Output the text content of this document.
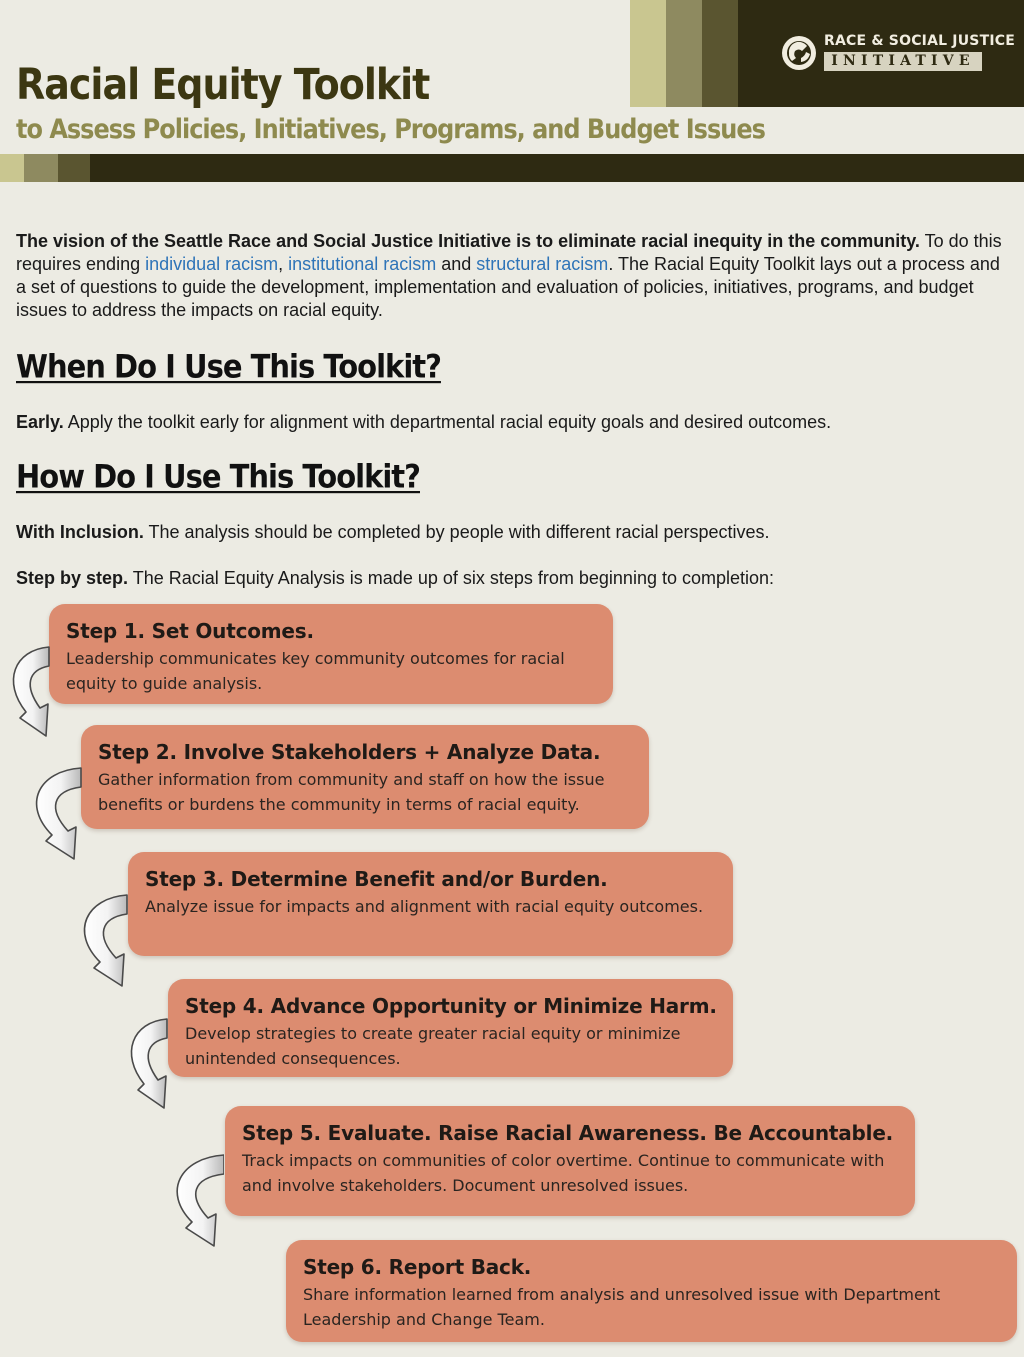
RACE & SOCIAL JUSTICE
INITIATIVE
Racial Equity Toolkit
to Assess Policies, Initiatives, Programs, and Budget Issues

The vision of the Seattle Race and Social Justice Initiative is to eliminate racial inequity in the community. To do this requires ending individual racism, institutional racism and structural racism. The Racial Equity Toolkit lays out a process and a set of questions to guide the development, implementation and evaluation of policies, initiatives, programs, and budget issues to address the impacts on racial equity.

When Do I Use This Toolkit?

Early. Apply the toolkit early for alignment with departmental racial equity goals and desired outcomes.

How Do I Use This Toolkit?

With Inclusion. The analysis should be completed by people with different racial perspectives.

Step by step. The Racial Equity Analysis is made up of six steps from beginning to completion:

Step 1. Set Outcomes.

Leadership communicates key community outcomes for racial equity to guide analysis.

Step 2. Involve Stakeholders + Analyze Data.

Gather information from community and staff on how the issue benefits or burdens the community in terms of racial equity.

Step 3. Determine Benefit and/or Burden.

Analyze issue for impacts and alignment with racial equity outcomes.

Step 4. Advance Opportunity or Minimize Harm.

Develop strategies to create greater racial equity or minimize unintended consequences.

Step 5. Evaluate. Raise Racial Awareness. Be Accountable.

Track impacts on communities of color overtime. Continue to communicate with and involve stakeholders. Document unresolved issues.

Step 6. Report Back.

Share information learned from analysis and unresolved issue with Department Leadership and Change Team.
